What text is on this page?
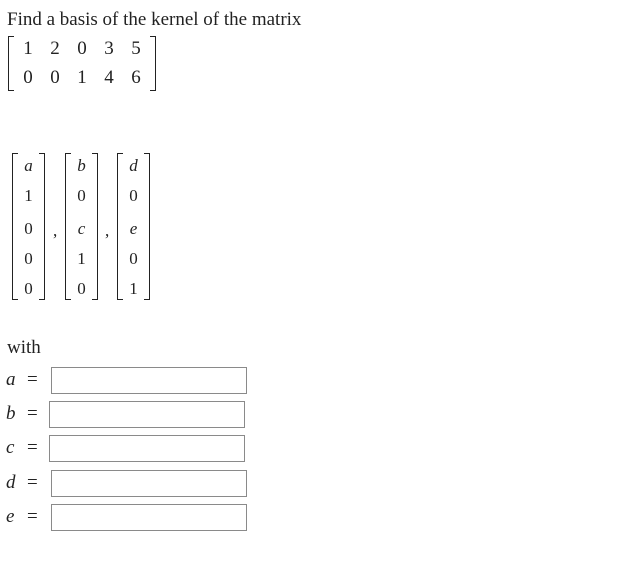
Find a basis of the kernel of the matrix
1 2 0 3 5
0 0 1 4 6
a
1
0
0
0
,
b
0
c
1
0
,
d
0
e
0
1
with
a =
b =
c =
d =
e =
